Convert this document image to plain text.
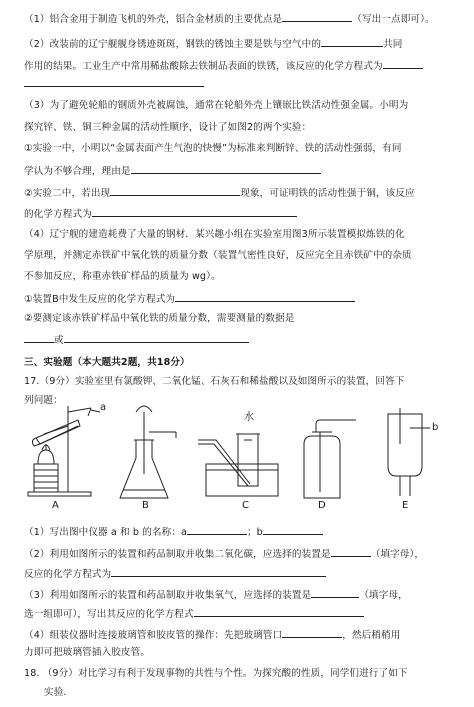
（1）铝合金用于制造飞机的外壳，铝合金材质的主要优点是	（写出一点即可）。
（2）改装前的辽宁舰舰身锈迹斑斑，钢铁的锈蚀主要是铁与空气中的	共同
作用的结果。工业生产中常用稀盐酸除去铁制品表面的铁锈，该反应的化学方程式为
（3）为了避免轮船的钢质外壳被腐蚀，通常在轮船外壳上镶嵌比铁活动性强金属。小明为
探究锌、铁、铜三种金属的活动性顺序，设计了如图2的两个实验：
①实验一中，小明以“金属表面产生气泡的快慢”为标准来判断锌、铁的活动性强弱，有同
学认为不够合理，理由是
②实验二中，若出现	现象，可证明铁的活动性强于铜，该反应
的化学方程式为
（4）辽宁舰的建造耗费了大量的钢材．某兴趣小组在实验室用图3所示装置模拟炼铁的化
学原理，并测定赤铁矿中氧化铁的质量分数（装置气密性良好，反应完全且赤铁矿中的杂质
不参加反应，称重赤铁矿样品的质量为 wg）。
①装置B中发生反应的化学方程式为
②要测定该赤铁矿样品中氧化铁的质量分数，需要测量的数据是
或
三、实验题（本大题共2题，共18分）
17.（9分）实验室里有氯酸钾、二氧化锰、石灰石和稀盐酸以及如图所示的装置，回答下
列问题：
a
水
b
A	B	C	D	E
（1）写出图中仪器 a 和 b 的名称：a	；b
（2）利用如图所示的装置和药品制取并收集二氧化碳，应选择的装置是	（填字母），
反应的化学方程式为
（3）利用如图所示的装置和药品制取并收集氧气，应选择的装置是	（填字母，
选一组即可），写出其反应的化学方程式
（4）组装仪器时连接玻璃管和胶皮管的操作：先把玻璃管口	，然后稍稍用
力即可把玻璃管插入胶皮管。
18. （9分）对比学习有利于发现事物的共性与个性。为探究酸的性质，同学们进行了如下
实验.
